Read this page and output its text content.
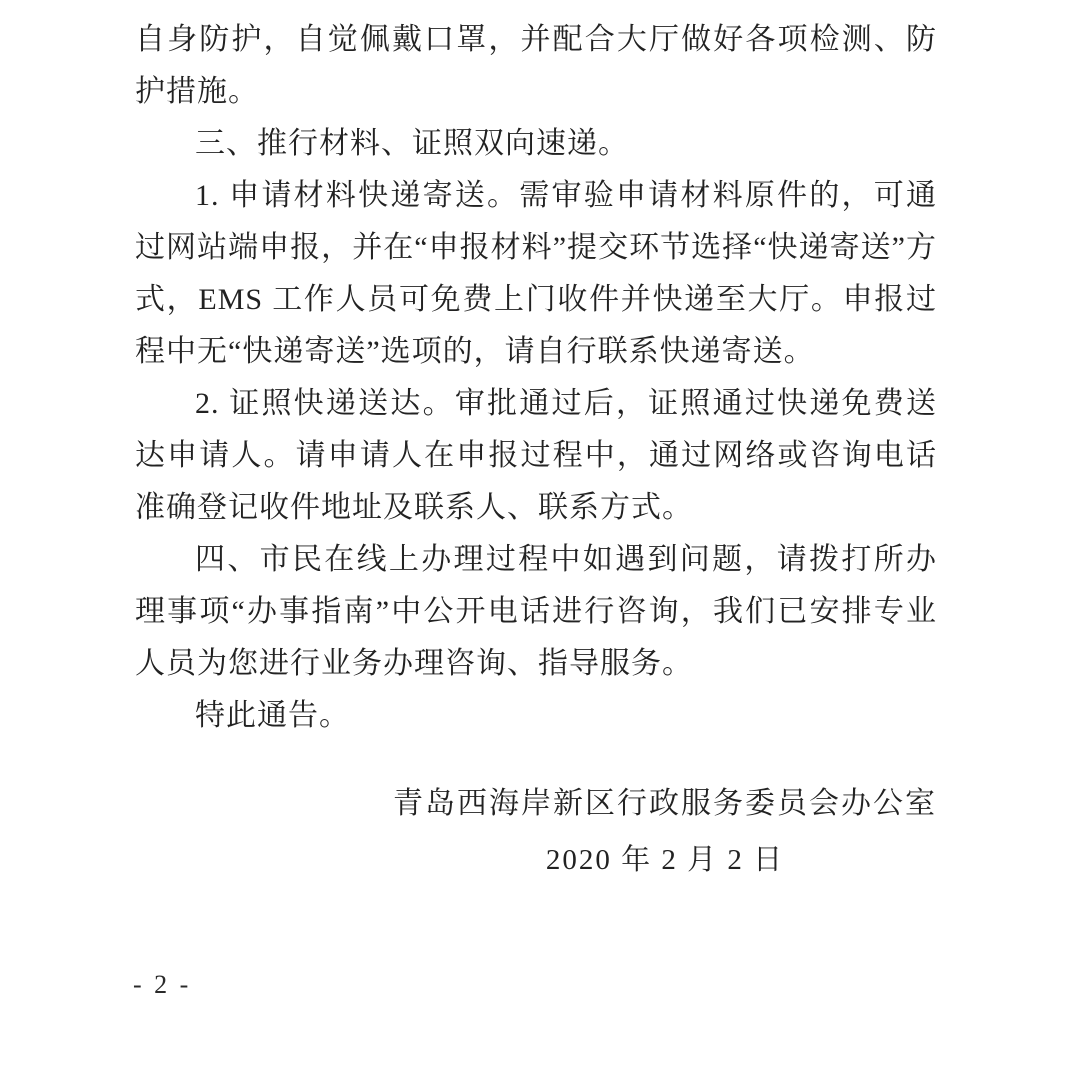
自身防护，自觉佩戴口罩，并配合大厅做好各项检测、防护措施。

三、推行材料、证照双向速递。

1. 申请材料快递寄送。需审验申请材料原件的，可通过网站端申报，并在“申报材料”提交环节选择“快递寄送”方式，EMS 工作人员可免费上门收件并快递至大厅。申报过程中无“快递寄送”选项的，请自行联系快递寄送。

2. 证照快递送达。审批通过后，证照通过快递免费送达申请人。请申请人在申报过程中，通过网络或咨询电话准确登记收件地址及联系人、联系方式。

四、市民在线上办理过程中如遇到问题，请拨打所办理事项“办事指南”中公开电话进行咨询，我们已安排专业人员为您进行业务办理咨询、指导服务。

特此通告。

青岛西海岸新区行政服务委员会办公室
2020 年 2 月 2 日
- 2 -
